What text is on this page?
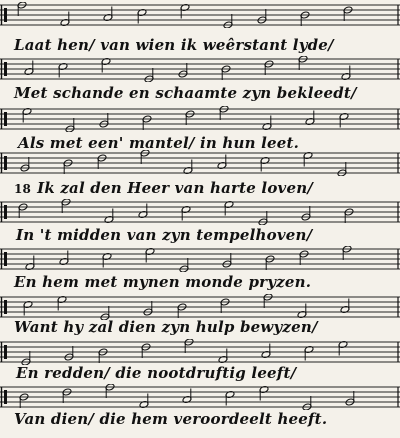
Laat hen/ van wien ik weêrstant lyde/
Met schande en schaamte zyn bekleedt/
Als met een' mantel/ in hun leet.
18 Ik zal den Heer van harte loven/
In 't midden van zyn tempelhoven/
En hem met mynen monde pryzen.
Want hy zal dien zyn hulp bewyzen/
En redden/ die nootdruftig leeft/
Van dien/ die hem veroordeelt heeft.
